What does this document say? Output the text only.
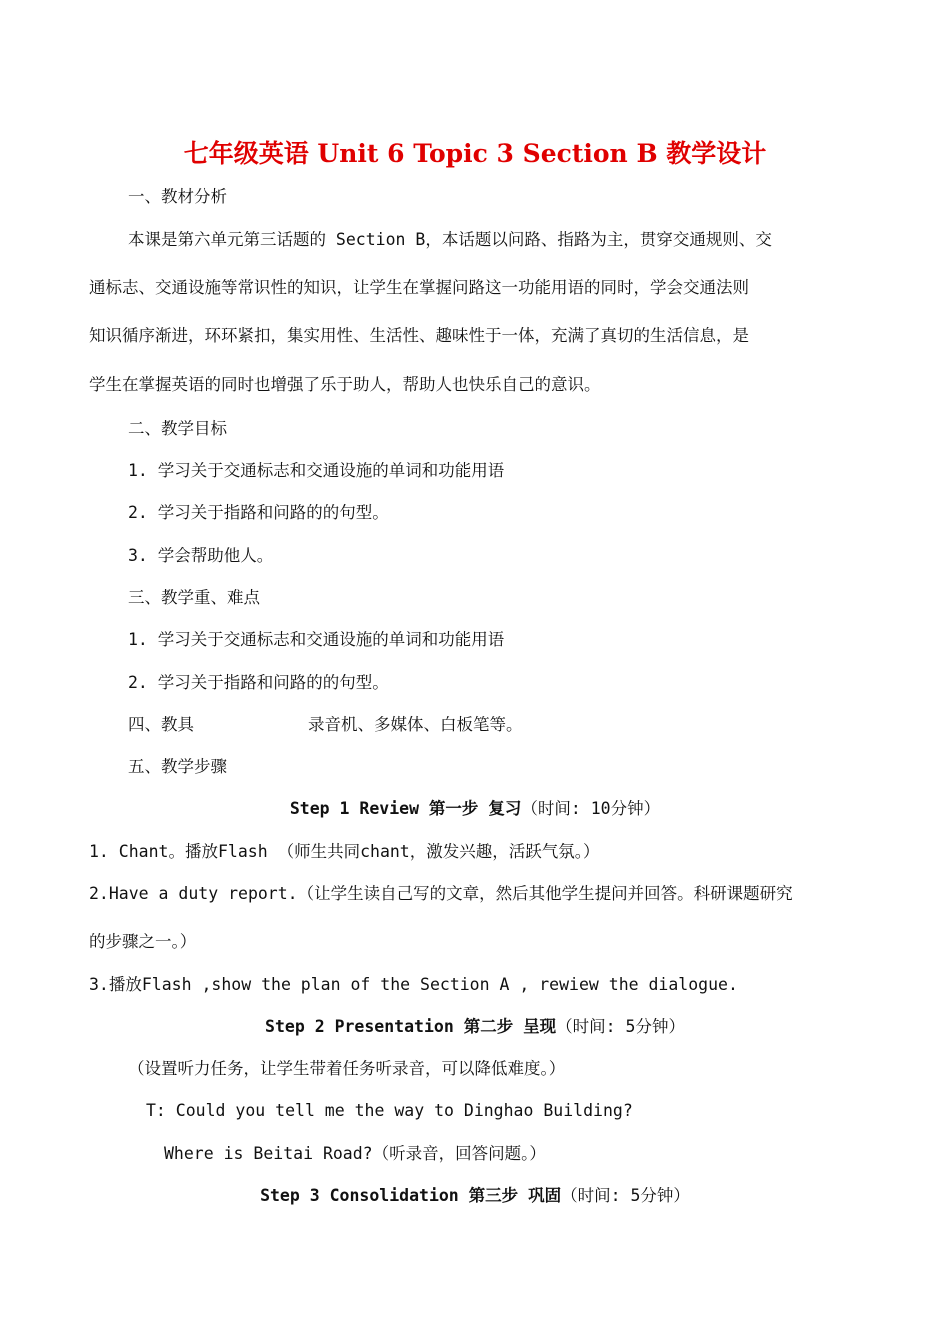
七年级英语 Unit 6 Topic 3 Section B 教学设计
一、教材分析
本课是第六单元第三话题的 Section B，本话题以问路、指路为主，贯穿交通规则、交
通标志、交通设施等常识性的知识，让学生在掌握问路这一功能用语的同时，学会交通法则
知识循序渐进，环环紧扣，集实用性、生活性、趣味性于一体，充满了真切的生活信息，是
学生在掌握英语的同时也增强了乐于助人，帮助人也快乐自己的意识。
二、教学目标
1. 学习关于交通标志和交通设施的单词和功能用语
2. 学习关于指路和问路的的句型。
3. 学会帮助他人。
三、教学重、难点
1. 学习关于交通标志和交通设施的单词和功能用语
2. 学习关于指路和问路的的句型。
四、教具	录音机、多媒体、白板笔等。
五、教学步骤
Step 1 Review 第一步 复习（时间: 10分钟）
1. Chant。播放Flash （师生共同chant，激发兴趣，活跃气氛。）
2.Have a duty report.（让学生读自己写的文章，然后其他学生提问并回答。科研课题研究
的步骤之一。）
3.播放Flash ,show the plan of the Section A , rewiew the dialogue.
Step 2 Presentation 第二步 呈现（时间: 5分钟）
（设置听力任务，让学生带着任务听录音，可以降低难度。）
T: Could you tell me the way to Dinghao Building?
Where is Beitai Road?（听录音，回答问题。）
Step 3 Consolidation 第三步 巩固（时间: 5分钟）
